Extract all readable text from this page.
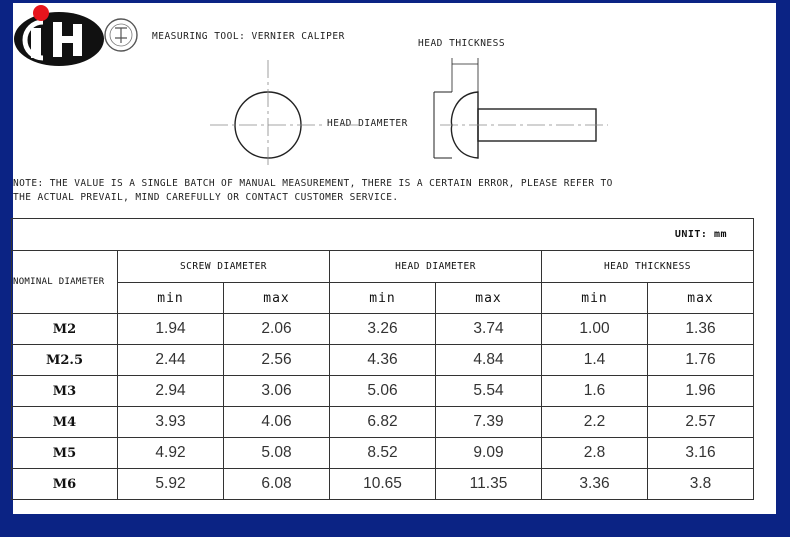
MEASURING TOOL: VERNIER CALIPER
HEAD THICKNESS
HEAD DIAMETER
NOTE: THE VALUE IS A SINGLE BATCH OF MANUAL MEASUREMENT, THERE IS A CERTAIN ERROR, PLEASE REFER TO
THE ACTUAL PREVAIL, MIND CAREFULLY OR CONTACT CUSTOMER SERVICE.
UNIT: mm						
NOMINAL DIAMETER	SCREW DIAMETER		HEAD DIAMETER		HEAD THICKNESS	
	min	max	min	max	min	max
M2	1.94	2.06	3.26	3.74	1.00	1.36
M2.5	2.44	2.56	4.36	4.84	1.4	1.76
M3	2.94	3.06	5.06	5.54	1.6	1.96
M4	3.93	4.06	6.82	7.39	2.2	2.57
M5	4.92	5.08	8.52	9.09	2.8	3.16
M6	5.92	6.08	10.65	11.35	3.36	3.8
